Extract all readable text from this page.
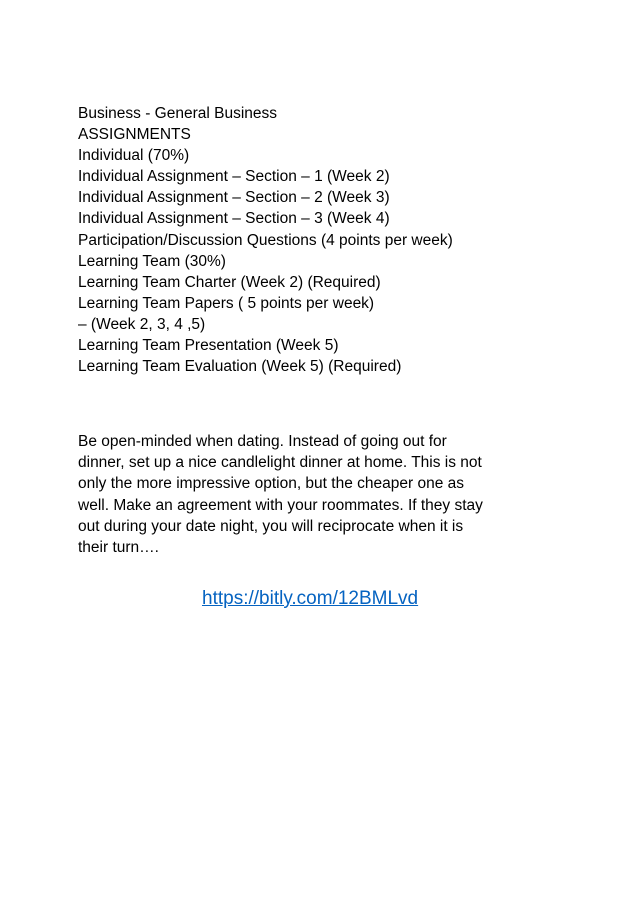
Business - General Business
ASSIGNMENTS
Individual (70%)
Individual Assignment – Section – 1 (Week 2)
Individual Assignment – Section – 2 (Week 3)
Individual Assignment – Section – 3 (Week 4)
Participation/Discussion Questions (4 points per week)
Learning Team (30%)
Learning Team Charter (Week 2) (Required)
Learning Team Papers ( 5 points per week)
– (Week 2, 3, 4 ,5)
Learning Team Presentation (Week 5)
Learning Team Evaluation (Week 5) (Required)

Be open-minded when dating. Instead of going out for
dinner, set up a nice candlelight dinner at home. This is not
only the more impressive option, but the cheaper one as
well. Make an agreement with your roommates. If they stay
out during your date night, you will reciprocate when it is
their turn….

https://bitly.com/12BMLvd
